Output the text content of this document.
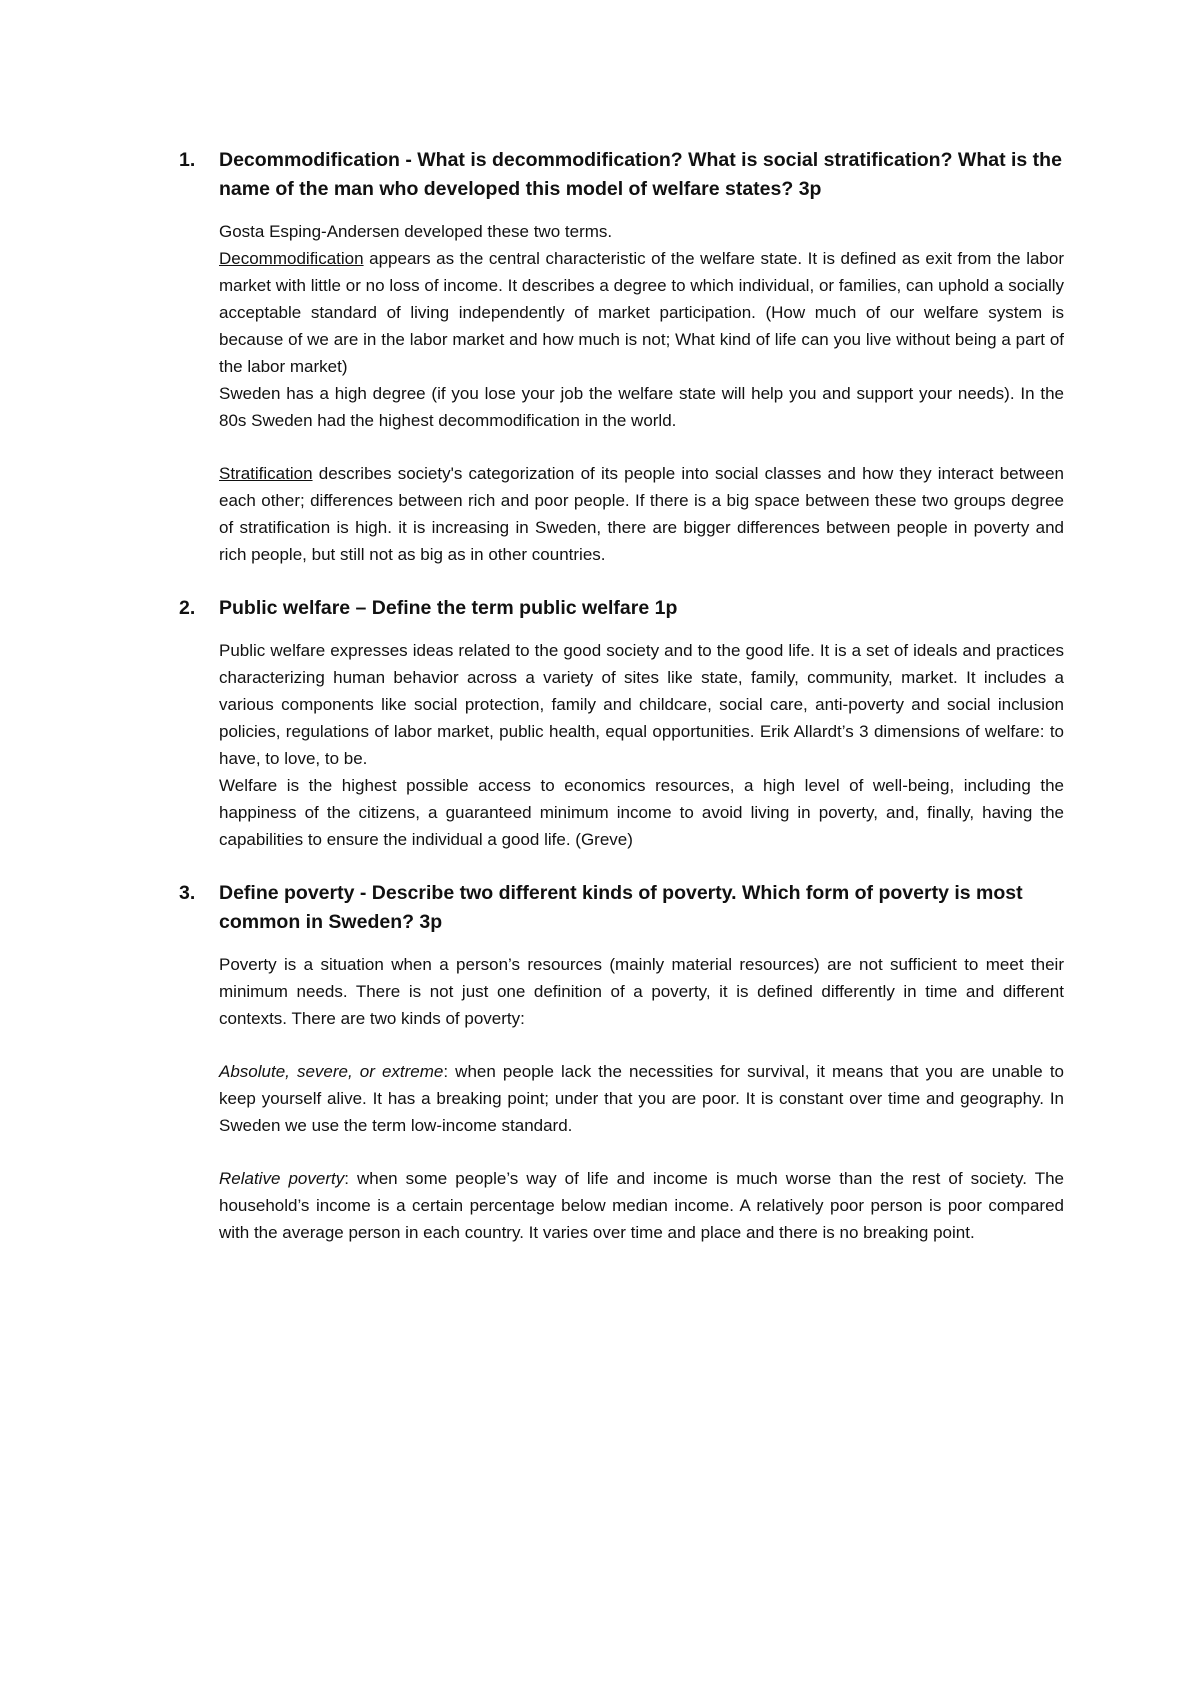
1.	Decommodification - What is decommodification? What is social stratification? What is the name of the man who developed this model of welfare states? 3p

Gosta Esping-Andersen developed these two terms.

Decommodification appears as the central characteristic of the welfare state. It is defined as exit from the labor market with little or no loss of income. It describes a degree to which individual, or families, can uphold a socially acceptable standard of living independently of market participation. (How much of our welfare system is because of we are in the labor market and how much is not; What kind of life can you live without being a part of the labor market)

Sweden has a high degree (if you lose your job the welfare state will help you and support your needs). In the 80s Sweden had the highest decommodification in the world.

Stratification describes society's categorization of its people into social classes and how they interact between each other; differences between rich and poor people. If there is a big space between these two groups degree of stratification is high. it is increasing in Sweden, there are bigger differences between people in poverty and rich people, but still not as big as in other countries.

2.	Public welfare – Define the term public welfare 1p

Public welfare expresses ideas related to the good society and to the good life. It is a set of ideals and practices characterizing human behavior across a variety of sites like state, family, community, market. It includes a various components like social protection, family and childcare, social care, anti-poverty and social inclusion policies, regulations of labor market, public health, equal opportunities. Erik Allardt’s 3 dimensions of welfare: to have, to love, to be.

Welfare is the highest possible access to economics resources, a high level of well-being, including the happiness of the citizens, a guaranteed minimum income to avoid living in poverty, and, finally, having the capabilities to ensure the individual a good life. (Greve)

3.	Define poverty - Describe two different kinds of poverty. Which form of poverty is most common in Sweden? 3p

Poverty is a situation when a person’s resources (mainly material resources) are not sufficient to meet their minimum needs. There is not just one definition of a poverty, it is defined differently in time and different contexts. There are two kinds of poverty:

Absolute, severe, or extreme: when people lack the necessities for survival, it means that you are unable to keep yourself alive. It has a breaking point; under that you are poor. It is constant over time and geography. In Sweden we use the term low-income standard.

Relative poverty: when some people’s way of life and income is much worse than the rest of society. The household’s income is a certain percentage below median income. A relatively poor person is poor compared with the average person in each country. It varies over time and place and there is no breaking point.
